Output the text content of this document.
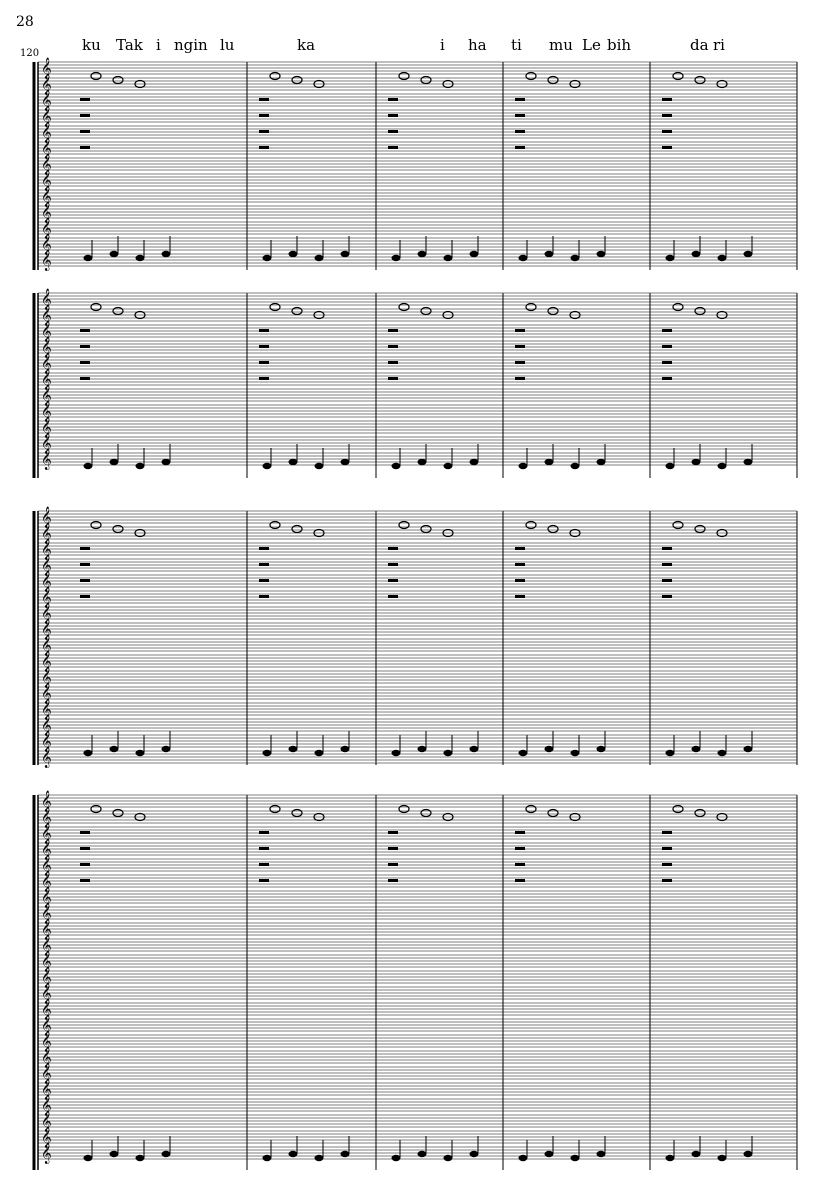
28
120	ku Tak i ngin lu	ka	i ha ti mu Le bih	da ri
𝄞
𝄞
𝄞
𝄞
𝄞
𝄞
𝄞
𝄞
𝄞
𝄞
𝄞
𝄞
𝄞
𝄞
𝄞
𝄞
𝄞
𝄞
𝄞
𝄞
𝄞
𝄞
𝄞
𝄞
𝄞
𝄞
𝄞
𝄞
𝄞
𝄞
𝄞
𝄞
𝄞
𝄞
𝄞
𝄞
𝄞
𝄞
𝄞
𝄞
𝄞
𝄞
𝄞
𝄞
𝄞
𝄞
𝄞
𝄞
𝄞
𝄞
𝄞
𝄞
𝄞
𝄞
𝄞
𝄞
𝄞
𝄞
𝄞
𝄞
𝄞
𝄞
𝄞
